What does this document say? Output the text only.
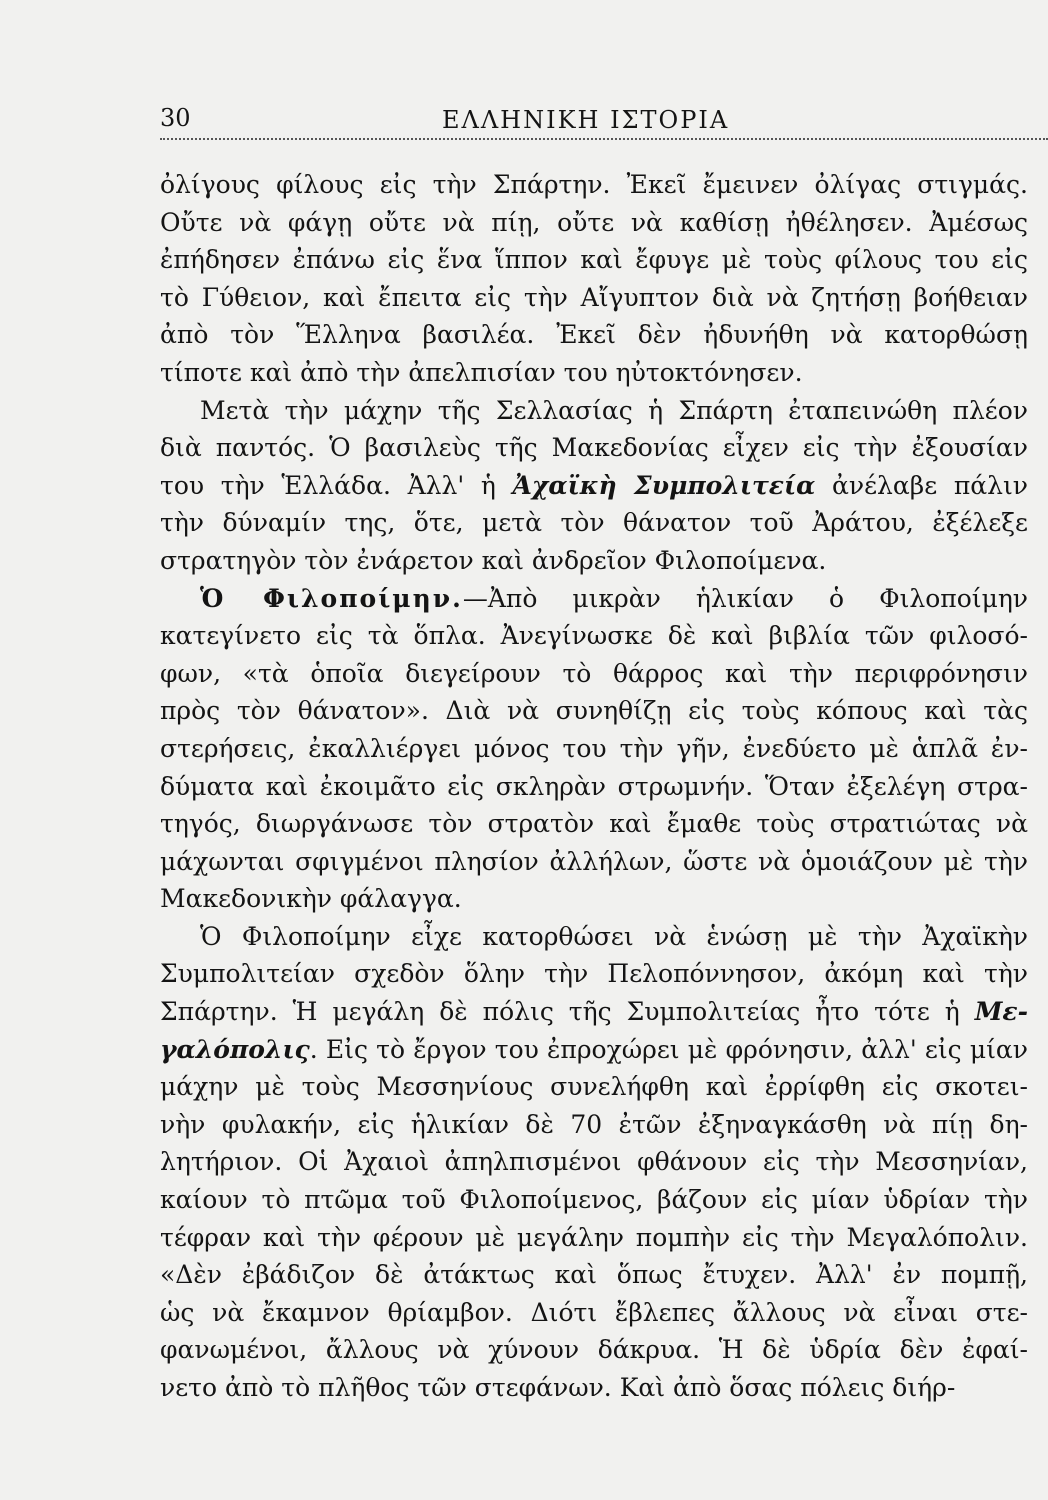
30	ΕΛΛΗΝΙΚΗ ΙΣΤΟΡΙΑ
ὀλίγους φίλους εἰς τὴν Σπάρτην. Ἐκεῖ ἔμεινεν ὀλίγας στιγμάς.
Οὔτε νὰ φάγῃ οὔτε νὰ πίῃ, οὔτε νὰ καθίσῃ ἠθέλησεν. Ἀμέσως
ἐπήδησεν ἐπάνω εἰς ἕνα ἵππον καὶ ἔφυγε μὲ τοὺς φίλους του εἰς
τὸ Γύθειον, καὶ ἔπειτα εἰς τὴν Αἴγυπτον διὰ νὰ ζητήσῃ βοήθειαν
ἀπὸ τὸν Ἕλληνα βασιλέα. Ἐκεῖ δὲν ἠδυνήθη νὰ κατορθώσῃ
τίποτε καὶ ἀπὸ τὴν ἀπελπισίαν του ηὐτοκτόνησεν.
Μετὰ τὴν μάχην τῆς Σελλασίας ἡ Σπάρτη ἐταπεινώθη πλέον
διὰ παντός. Ὁ βασιλεὺς τῆς Μακεδονίας εἶχεν εἰς τὴν ἐξουσίαν
του τὴν Ἑλλάδα. Ἀλλ' ἡ Ἀχαϊκὴ Συμπολιτεία ἀνέλαβε πάλιν
τὴν δύναμίν της, ὅτε, μετὰ τὸν θάνατον τοῦ Ἀράτου, ἐξέλεξε
στρατηγὸν τὸν ἐνάρετον καὶ ἀνδρεῖον Φιλοποίμενα.
Ὁ Φιλοποίμην.—Ἀπὸ μικρὰν ἡλικίαν ὁ Φιλοποίμην
κατεγίνετο εἰς τὰ ὅπλα. Ἀνεγίνωσκε δὲ καὶ βιβλία τῶν φιλοσό-
φων, «τὰ ὁποῖα διεγείρουν τὸ θάρρος καὶ τὴν περιφρόνησιν
πρὸς τὸν θάνατον». Διὰ νὰ συνηθίζῃ εἰς τοὺς κόπους καὶ τὰς
στερήσεις, ἐκαλλιέργει μόνος του τὴν γῆν, ἐνεδύετο μὲ ἁπλᾶ ἐν-
δύματα καὶ ἐκοιμᾶτο εἰς σκληρὰν στρωμνήν. Ὅταν ἐξελέγη στρα-
τηγός, διωργάνωσε τὸν στρατὸν καὶ ἔμαθε τοὺς στρατιώτας νὰ
μάχωνται σφιγμένοι πλησίον ἀλλήλων, ὥστε νὰ ὁμοιάζουν μὲ τὴν
Μακεδονικὴν φάλαγγα.
Ὁ Φιλοποίμην εἶχε κατορθώσει νὰ ἑνώσῃ μὲ τὴν Ἀχαϊκὴν
Συμπολιτείαν σχεδὸν ὅλην τὴν Πελοπόννησον, ἀκόμη καὶ τὴν
Σπάρτην. Ἡ μεγάλη δὲ πόλις τῆς Συμπολιτείας ἦτο τότε ἡ Με-
γαλόπολις. Εἰς τὸ ἔργον του ἐπροχώρει μὲ φρόνησιν, ἀλλ' εἰς μίαν
μάχην μὲ τοὺς Μεσσηνίους συνελήφθη καὶ ἐρρίφθη εἰς σκοτει-
νὴν φυλακήν, εἰς ἡλικίαν δὲ 70 ἐτῶν ἐξηναγκάσθη νὰ πίῃ δη-
λητήριον. Οἱ Ἀχαιοὶ ἀπηλπισμένοι φθάνουν εἰς τὴν Μεσσηνίαν,
καίουν τὸ πτῶμα τοῦ Φιλοποίμενος, βάζουν εἰς μίαν ὑδρίαν τὴν
τέφραν καὶ τὴν φέρουν μὲ μεγάλην πομπὴν εἰς τὴν Μεγαλόπολιν.
«Δὲν ἐβάδιζον δὲ ἀτάκτως καὶ ὅπως ἔτυχεν. Ἀλλ' ἐν πομπῇ,
ὡς νὰ ἔκαμνον θρίαμβον. Διότι ἔβλεπες ἄλλους νὰ εἶναι στε-
φανωμένοι, ἄλλους νὰ χύνουν δάκρυα. Ἡ δὲ ὑδρία δὲν ἐφαί-
νετο ἀπὸ τὸ πλῆθος τῶν στεφάνων. Καὶ ἀπὸ ὅσας πόλεις διήρ-
